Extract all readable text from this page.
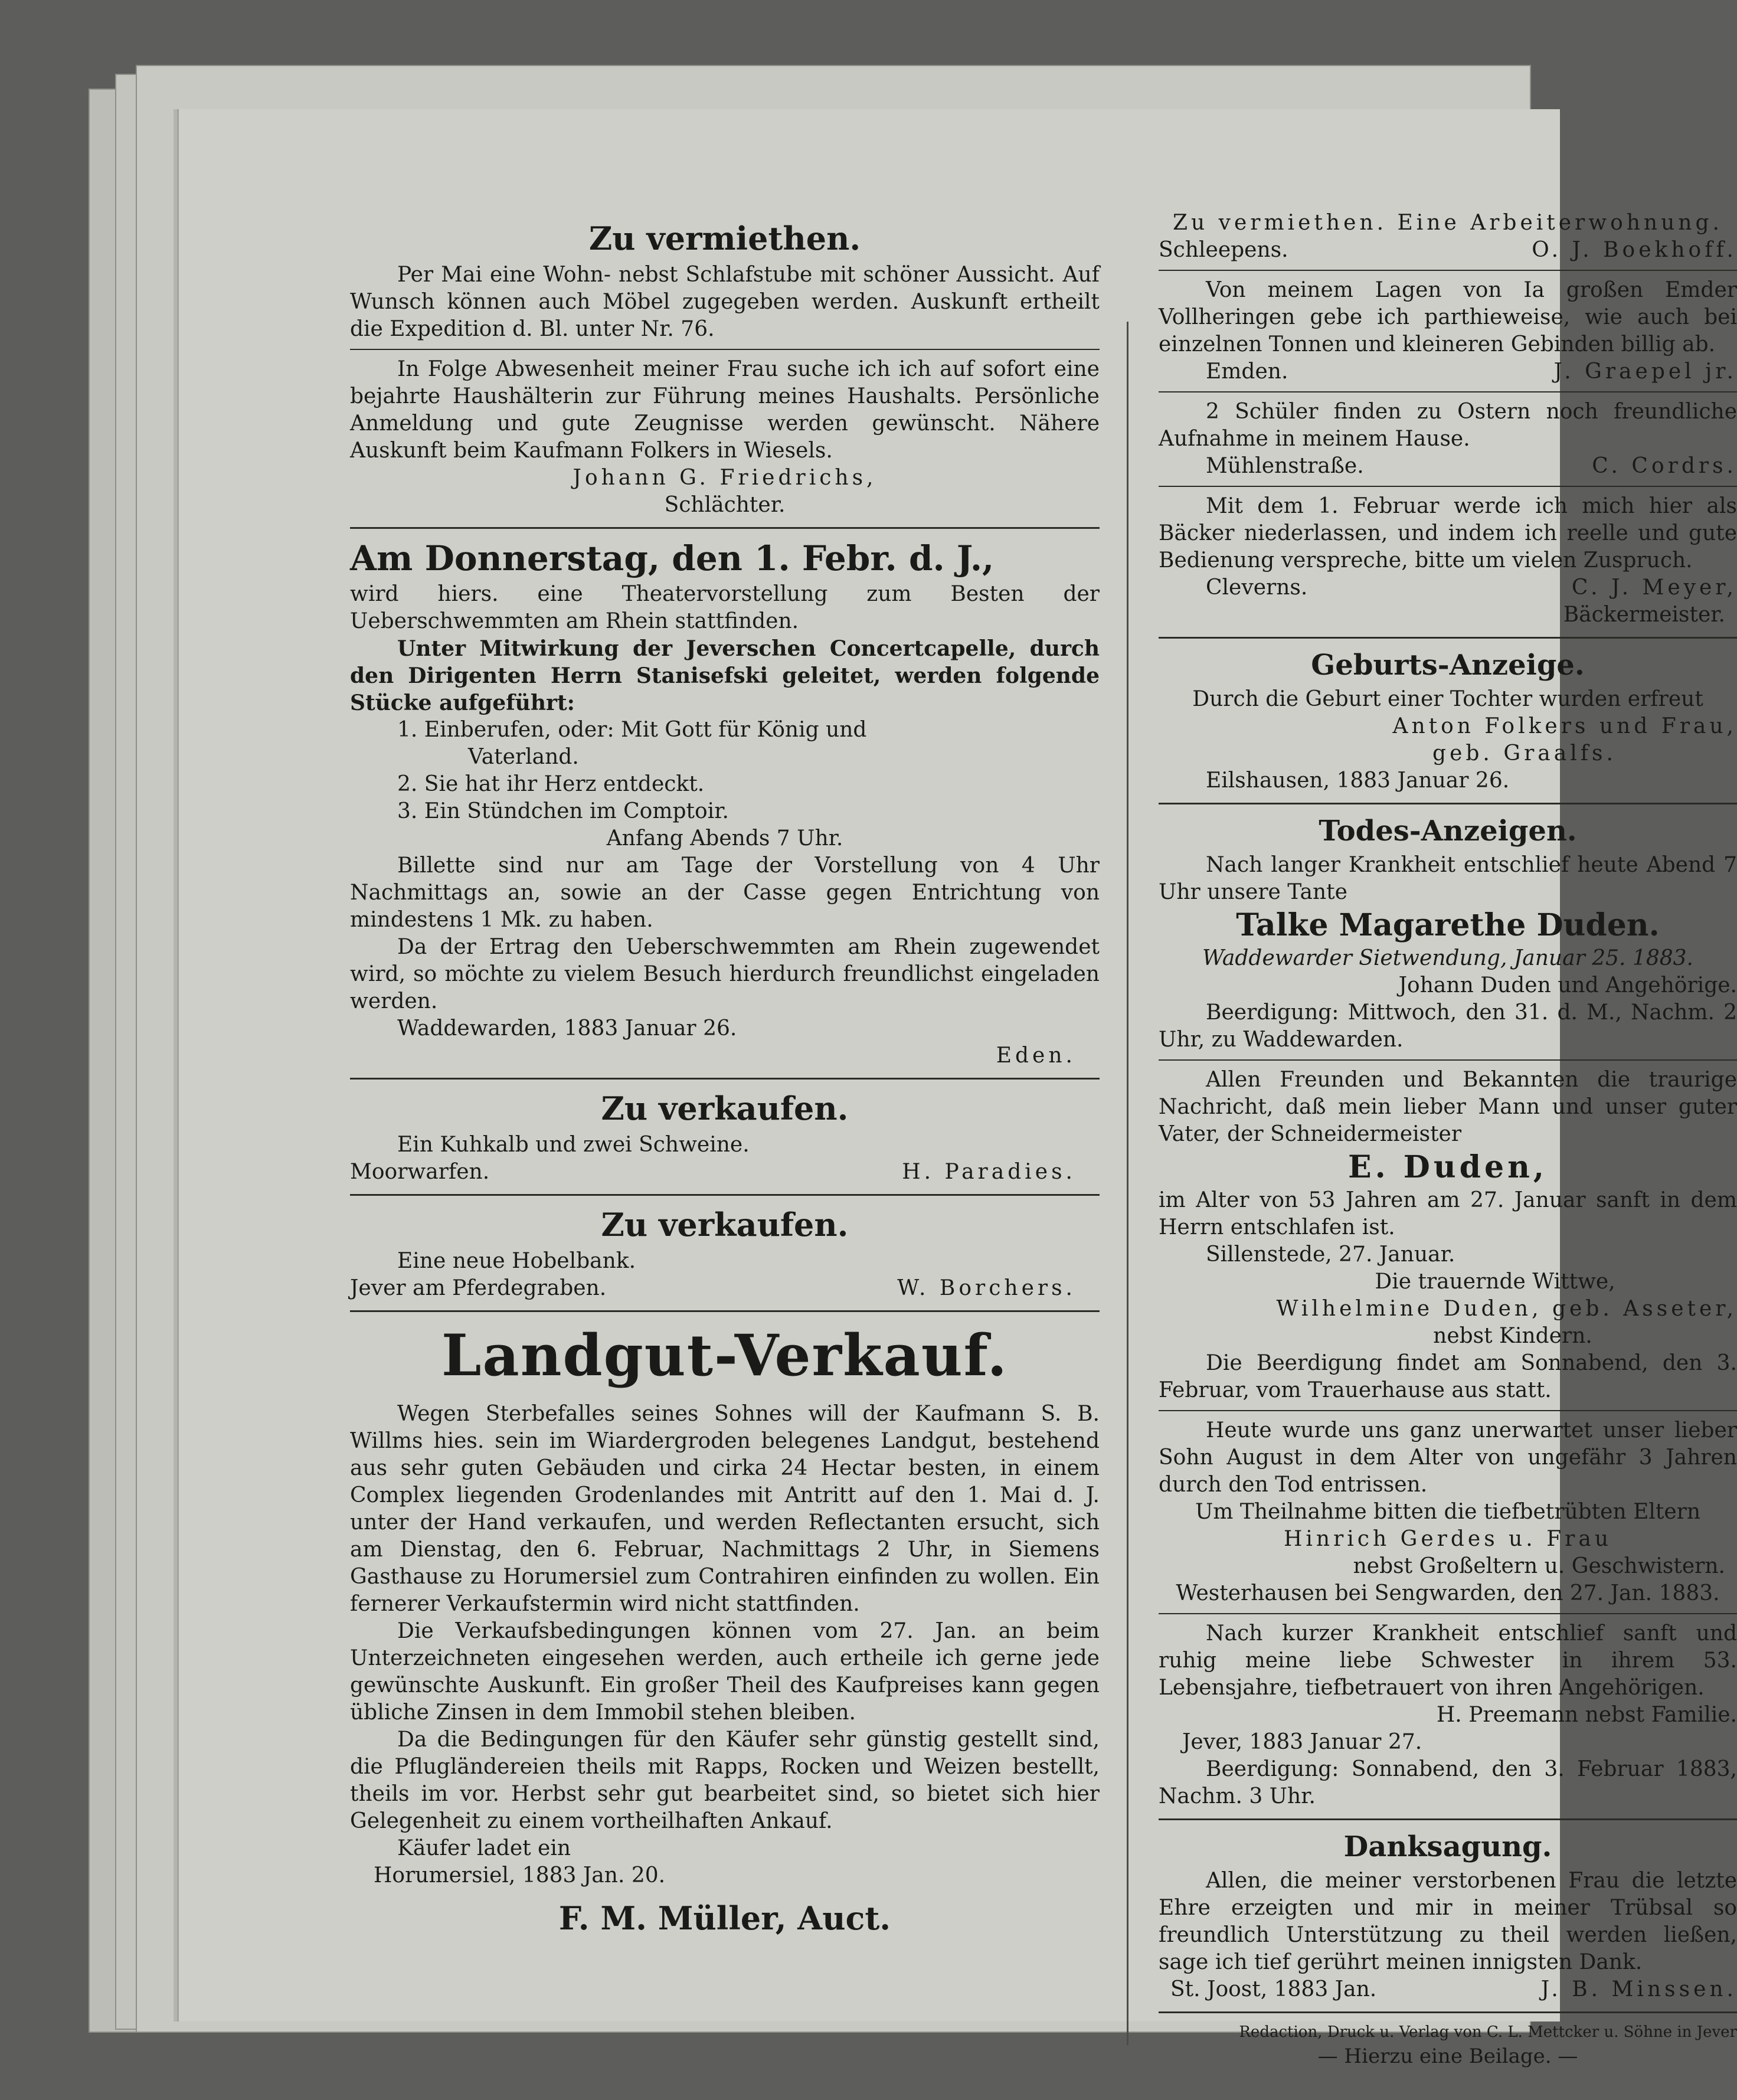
Zu vermiethen.

Per Mai eine Wohn- nebst Schlafstube mit schöner Aussicht. Auf Wunsch können auch Möbel zugegeben werden. Auskunft ertheilt die Expedition d. Bl. unter Nr. 76.

In Folge Abwesenheit meiner Frau suche ich ich auf sofort eine bejahrte Haushälterin zur Führung meines Haushalts. Persönliche Anmeldung und gute Zeugnisse werden gewünscht. Nähere Auskunft beim Kaufmann Folkers in Wiesels.

Johann G. Friedrichs,
Schlächter.
Am Donnerstag, den 1. Febr. d. J.,

wird hiers. eine Theatervorstellung zum Besten der Ueberschwemmten am Rhein stattfinden.

Unter Mitwirkung der Jeverschen Concertcapelle, durch den Dirigenten Herrn Stanisefski geleitet, werden folgende Stücke aufgeführt:

1. Einberufen, oder: Mit Gott für König und
Vaterland.
2. Sie hat ihr Herz entdeckt.
3. Ein Stündchen im Comptoir.
Anfang Abends 7 Uhr.

Billette sind nur am Tage der Vorstellung von 4 Uhr Nachmittags an, sowie an der Casse gegen Entrichtung von mindestens 1 Mk. zu haben.

Da der Ertrag den Ueberschwemmten am Rhein zugewendet wird, so möchte zu vielem Besuch hierdurch freundlichst eingeladen werden.

Waddewarden, 1883 Januar 26.
Eden.
Zu verkaufen.
Ein Kuhkalb und zwei Schweine.
Moorwarfen.	H. Paradies.
Zu verkaufen.
Eine neue Hobelbank.
Jever am Pferdegraben.	W. Borchers.
Landgut-Verkauf.

Wegen Sterbefalles seines Sohnes will der Kaufmann S. B. Willms hies. sein im Wiardergroden belegenes Landgut, bestehend aus sehr guten Gebäuden und cirka 24 Hectar besten, in einem Complex liegenden Grodenlandes mit Antritt auf den 1. Mai d. J. unter der Hand verkaufen, und werden Reflectanten ersucht, sich am Dienstag, den 6. Februar, Nachmittags 2 Uhr, in Siemens Gasthause zu Horumersiel zum Contrahiren einfinden zu wollen. Ein fernerer Verkaufstermin wird nicht stattfinden.

Die Verkaufsbedingungen können vom 27. Jan. an beim Unterzeichneten eingesehen werden, auch ertheile ich gerne jede gewünschte Auskunft. Ein großer Theil des Kaufpreises kann gegen übliche Zinsen in dem Immobil stehen bleiben.

Da die Bedingungen für den Käufer sehr günstig gestellt sind, die Pflugländereien theils mit Rapps, Rocken und Weizen bestellt, theils im vor. Herbst sehr gut bearbeitet sind, so bietet sich hier Gelegenheit zu einem vortheilhaften Ankauf.

Käufer ladet ein

Horumersiel, 1883 Jan. 20.
F. M. Müller, Auct.
Zu vermiethen. Eine Arbeiterwohnung.
Schleepens.	O. J. Boekhoff.

Von meinem Lagen von Ia großen Emder Vollheringen gebe ich parthieweise, wie auch bei einzelnen Tonnen und kleineren Gebinden billig ab.

Emden.	J. Graepel jr.

2 Schüler finden zu Ostern noch freundliche Aufnahme in meinem Hause.

Mühlenstraße.	C. Cordrs.

Mit dem 1. Februar werde ich mich hier als Bäcker niederlassen, und indem ich reelle und gute Bedienung verspreche, bitte um vielen Zuspruch.

Cleverns.	C. J. Meyer,
Bäckermeister.
Geburts-Anzeige.
Durch die Geburt einer Tochter wurden erfreut
Anton Folkers und Frau,
geb. Graalfs.
Eilshausen, 1883 Januar 26.
Todes-Anzeigen.

Nach langer Krankheit entschlief heute Abend 7 Uhr unsere Tante

Talke Magarethe Duden.
Waddewarder Sietwendung, Januar 25. 1883.
Johann Duden und Angehörige.

Beerdigung: Mittwoch, den 31. d. M., Nachm. 2 Uhr, zu Waddewarden.

Allen Freunden und Bekannten die traurige Nachricht, daß mein lieber Mann und unser guter Vater, der Schneidermeister

E. Duden,

im Alter von 53 Jahren am 27. Januar sanft in dem Herrn entschlafen ist.

Sillenstede, 27. Januar.
Die trauernde Wittwe,
Wilhelmine Duden, geb. Asseter,
nebst Kindern.

Die Beerdigung findet am Sonnabend, den 3. Februar, vom Trauerhause aus statt.

Heute wurde uns ganz unerwartet unser lieber Sohn August in dem Alter von ungefähr 3 Jahren durch den Tod entrissen.

Um Theilnahme bitten die tiefbetrübten Eltern
Hinrich Gerdes u. Frau
nebst Großeltern u. Geschwistern.
Westerhausen bei Sengwarden, den 27. Jan. 1883.

Nach kurzer Krankheit entschlief sanft und ruhig meine liebe Schwester in ihrem 53. Lebensjahre, tiefbetrauert von ihren Angehörigen.

H. Preemann nebst Familie.
Jever, 1883 Januar 27.

Beerdigung: Sonnabend, den 3. Februar 1883, Nachm. 3 Uhr.

Danksagung.

Allen, die meiner verstorbenen Frau die letzte Ehre erzeigten und mir in meiner Trübsal so freundlich Unterstützung zu theil werden ließen, sage ich tief gerührt meinen innigsten Dank.

St. Joost, 1883 Jan.	J. B. Minssen.
Redaction, Druck u. Verlag von C. L. Mettcker u. Söhne in Jever
— Hierzu eine Beilage. —
